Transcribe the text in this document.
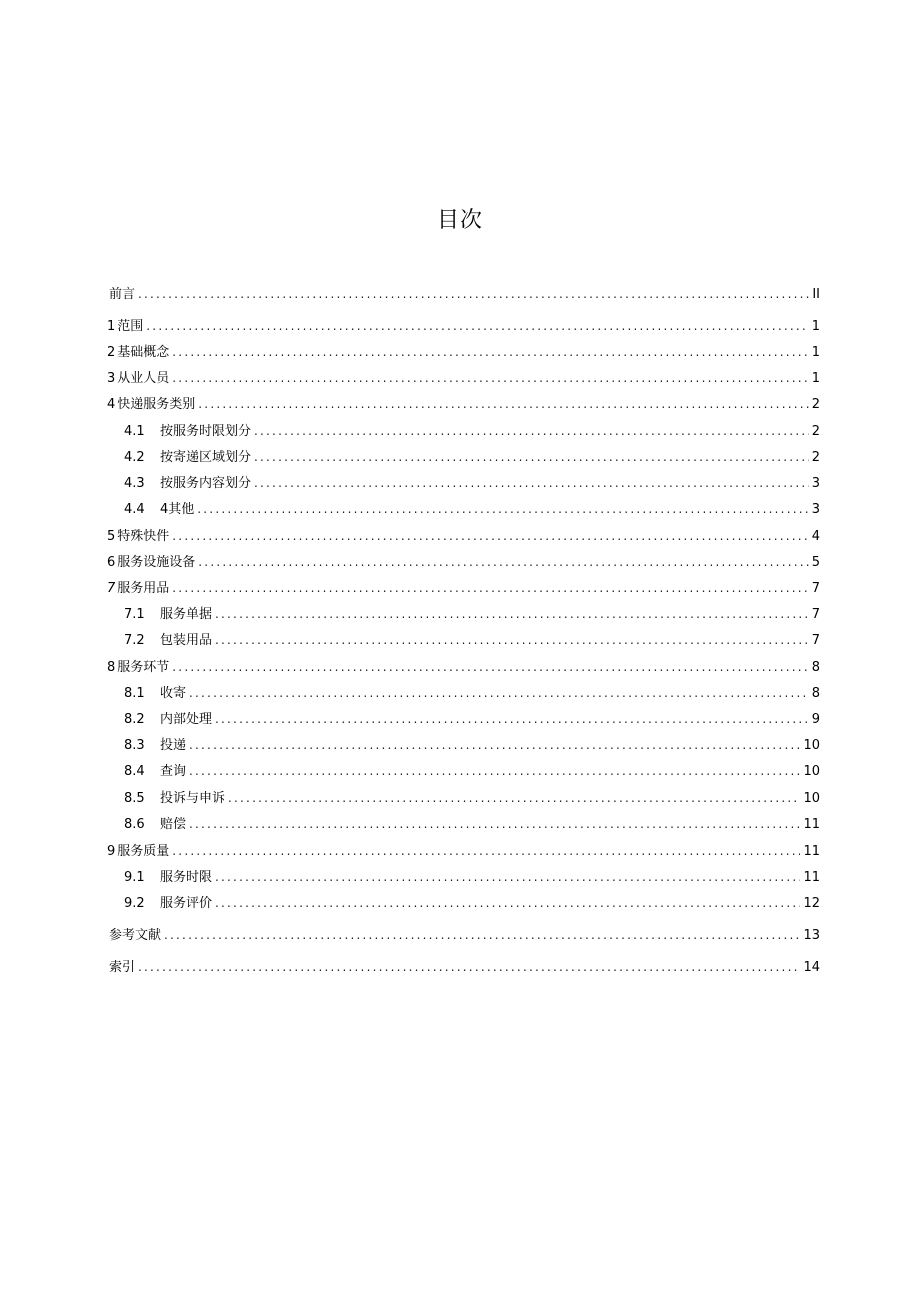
目次
前言 .....	II
1 范围 .....	1
2 基础概念 .....	1
3 从业人员 .....	1
4 快递服务类别 .....	2
4.1	按服务时限划分 .....	2
4.2	按寄递区域划分 .....	2
4.3	按服务内容划分 .....	3
4.4	4其他 .....	3
5 特殊快件 .....	4
6 服务设施设备 .....	5
7 服务用品 .....	7
7.1	服务单据 .....	7
7.2	包装用品 .....	7
8 服务环节 .....	8
8.1	收寄 .....	8
8.2	内部处理 .....	9
8.3	投递 .....	10
8.4	查询 .....	10
8.5	投诉与申诉 .....	10
8.6	赔偿 .....	11
9 服务质量 .....	11
9.1	服务时限 .....	11
9.2	服务评价 .....	12
参考文献 .....	13
索引 .....	14
